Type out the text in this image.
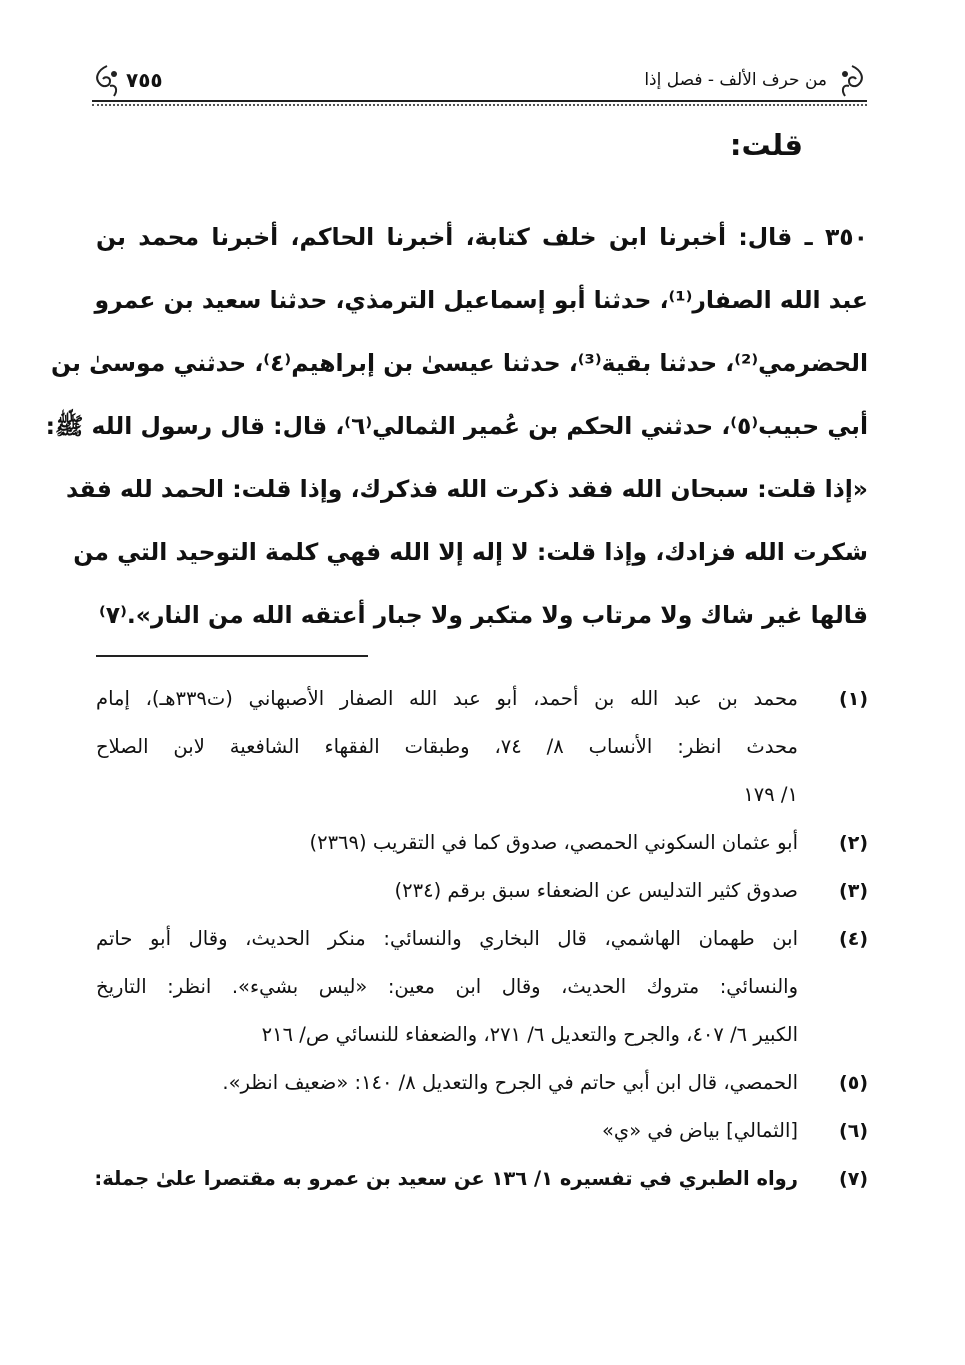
من حرف الألف - فصل إذا
٧٥٥
قلت:
٣٥٠ ـ قال: أخبرنا ابن خلف كتابة، أخبرنا الحاكم، أخبرنا محمد بن
عبد الله الصفار⁽¹⁾، حدثنا أبو إسماعيل الترمذي، حدثنا سعيد بن عمرو
الحضرمي⁽²⁾، حدثنا بقية⁽³⁾، حدثنا عيسىٰ بن إبراهيم⁽٤⁾، حدثني موسىٰ بن
أبي حبيب⁽٥⁾، حدثني الحكم بن عُمير الثمالي⁽٦⁾، قال: قال رسول الله ﷺ:
«إذا قلت: سبحان الله فقد ذكرت الله فذكرك، وإذا قلت: الحمد لله فقد
شكرت الله فزادك، وإذا قلت: لا إله إلا الله فهي كلمة التوحيد التي من
قالها غير شاك ولا مرتاب ولا متكبر ولا جبار أعتقه الله من النار».⁽٧⁾
(١)
محمد بن عبد الله بن أحمد، أبو عبد الله الصفار الأصبهاني (ت٣٣٩هـ)، إمام
محدث انظر: الأنساب ٨/ ٧٤، وطبقات الفقهاء الشافعية لابن الصلاح
١/ ١٧٩
(٢)
أبو عثمان السكوني الحمصي، صدوق كما في التقريب (٢٣٦٩)
(٣)
صدوق كثير التدليس عن الضعفاء سبق برقم (٢٣٤)
(٤)
ابن طهمان الهاشمي، قال البخاري والنسائي: منكر الحديث، وقال أبو حاتم
والنسائي: متروك الحديث، وقال ابن معين: «ليس بشيء». انظر: التاريخ
الكبير ٦/ ٤٠٧، والجرح والتعديل ٦/ ٢٧١، والضعفاء للنسائي ص/ ٢١٦
(٥)
الحمصي، قال ابن أبي حاتم في الجرح والتعديل ٨/ ١٤٠: «ضعيف انظر».
(٦)
[الثمالي] بياض في «ي»
(٧)
رواه الطبري في تفسيره ١/ ١٣٦ عن سعيد بن عمرو به مقتصرا علىٰ جملة:
